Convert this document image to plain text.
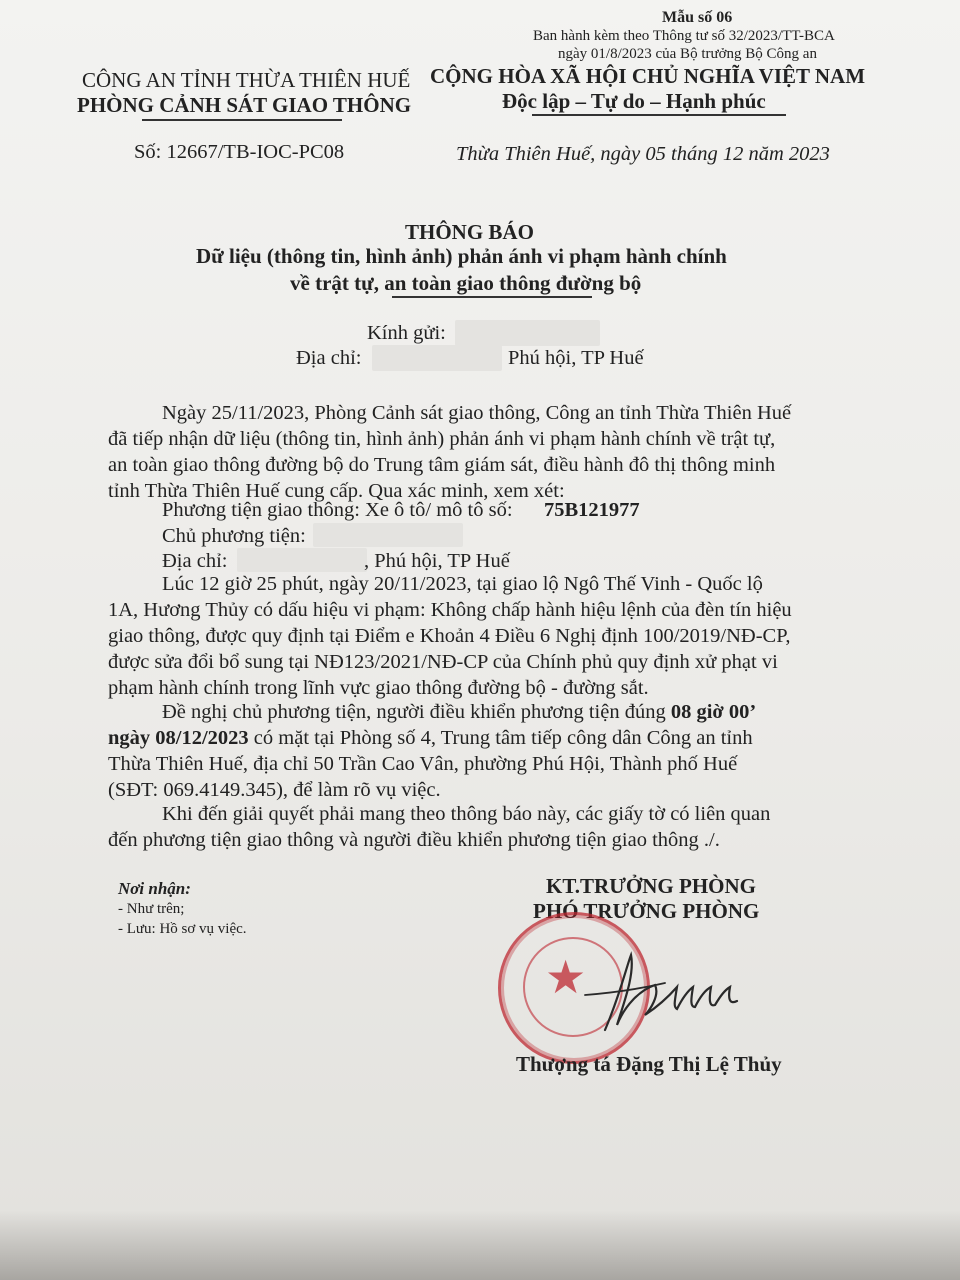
Mẫu số 06
Ban hành kèm theo Thông tư số 32/2023/TT-BCA
ngày 01/8/2023 của Bộ trưởng Bộ Công an
CÔNG AN TỈNH THỪA THIÊN HUẾ
PHÒNG CẢNH SÁT GIAO THÔNG
Số: 12667/TB-IOC-PC08
CỘNG HÒA XÃ HỘI CHỦ NGHĨA VIỆT NAM
Độc lập – Tự do – Hạnh phúc
Thừa Thiên Huế, ngày 05 tháng 12 năm 2023
THÔNG BÁO
Dữ liệu (thông tin, hình ảnh) phản ánh vi phạm hành chính
về trật tự, an toàn giao thông đường bộ
Kính gửi:
Địa chỉ:	Phú hội, TP Huế
Ngày 25/11/2023, Phòng Cảnh sát giao thông, Công an tỉnh Thừa Thiên Huế
đã tiếp nhận dữ liệu (thông tin, hình ảnh) phản ánh vi phạm hành chính về trật tự,
an toàn giao thông đường bộ do Trung tâm giám sát, điều hành đô thị thông minh
tỉnh Thừa Thiên Huế cung cấp. Qua xác minh, xem xét:
Phương tiện giao thông: Xe ô tô/ mô tô số: 75B121977
Chủ phương tiện:
Địa chỉ:	, Phú hội, TP Huế
Lúc 12 giờ 25 phút, ngày 20/11/2023, tại giao lộ Ngô Thế Vinh - Quốc lộ
1A, Hương Thủy có dấu hiệu vi phạm: Không chấp hành hiệu lệnh của đèn tín hiệu
giao thông, được quy định tại Điểm e Khoản 4 Điều 6 Nghị định 100/2019/NĐ-CP,
được sửa đổi bổ sung tại NĐ123/2021/NĐ-CP của Chính phủ quy định xử phạt vi
phạm hành chính trong lĩnh vực giao thông đường bộ - đường sắt.
Đề nghị chủ phương tiện, người điều khiển phương tiện đúng 08 giờ 00’
ngày 08/12/2023 có mặt tại Phòng số 4, Trung tâm tiếp công dân Công an tỉnh
Thừa Thiên Huế, địa chỉ 50 Trần Cao Vân, phường Phú Hội, Thành phố Huế
(SĐT: 069.4149.345), để làm rõ vụ việc.
Khi đến giải quyết phải mang theo thông báo này, các giấy tờ có liên quan
đến phương tiện giao thông và người điều khiển phương tiện giao thông ./.
Nơi nhận:
- Như trên;
- Lưu: Hồ sơ vụ việc.
KT.TRƯỞNG PHÒNG
PHÓ TRƯỞNG PHÒNG
★
Thượng tá Đặng Thị Lệ Thủy
